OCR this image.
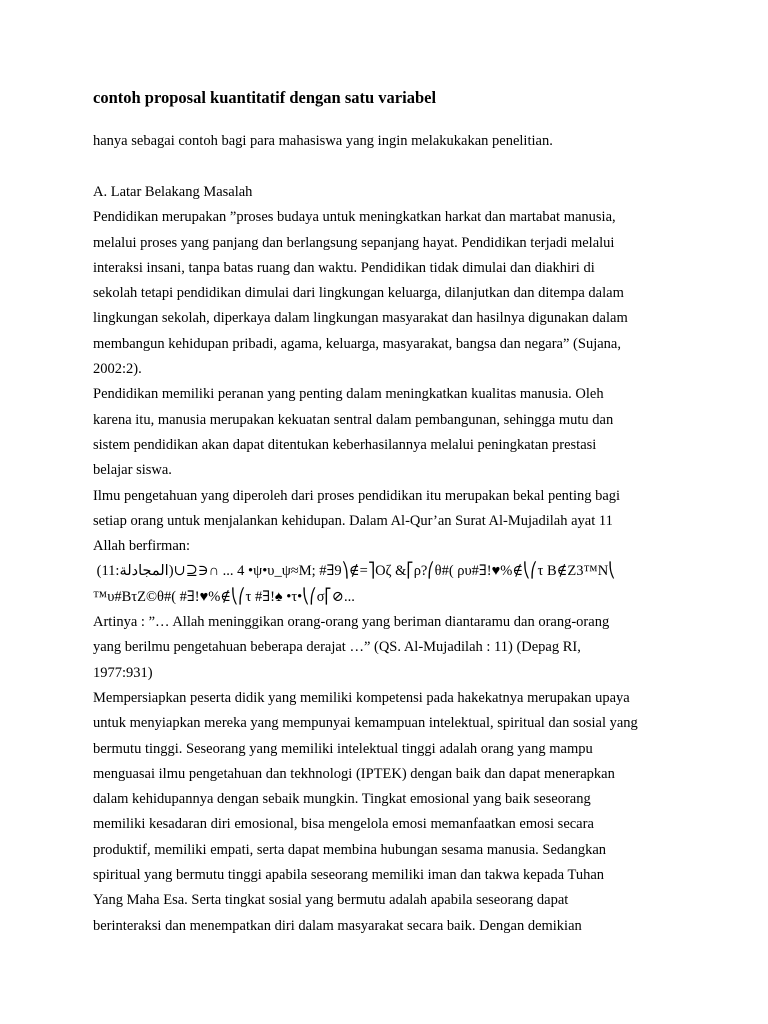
contoh proposal kuantitatif dengan satu variabel

hanya sebagai contoh bagi para mahasiswa yang ingin melakukakan penelitian.

A. Latar Belakang Masalah
Pendidikan merupakan ”proses budaya untuk meningkatkan harkat dan martabat manusia,
melalui proses yang panjang dan berlangsung sepanjang hayat. Pendidikan terjadi melalui
interaksi insani, tanpa batas ruang dan waktu. Pendidikan tidak dimulai dan diakhiri di
sekolah tetapi pendidikan dimulai dari lingkungan keluarga, dilanjutkan dan ditempa dalam
lingkungan sekolah, diperkaya dalam lingkungan masyarakat dan hasilnya digunakan dalam
membangun kehidupan pribadi, agama, keluarga, masyarakat, bangsa dan negara” (Sujana,
2002:2).
Pendidikan memiliki peranan yang penting dalam meningkatkan kualitas manusia. Oleh
karena itu, manusia merupakan kekuatan sentral dalam pembangunan, sehingga mutu dan
sistem pendidikan akan dapat ditentukan keberhasilannya melalui peningkatan prestasi
belajar siswa.
Ilmu pengetahuan yang diperoleh dari proses pendidikan itu merupakan bekal penting bagi
setiap orang untuk menjalankan kehidupan. Dalam Al-Qur’an Surat Al-Mujadilah ayat 11
Allah berfirman:
‪ (11:المجادلة‬)∪⊇∋∩ ... 4 •ψ•υ_ψ≈M; #∃9⎞∉=⎤Oζ &⎡ρ?⎛θ#( ρυ#∃!♥%∉⎝⎛τ B∉Z3™N⎝
™υ#BτZ©θ#( #∃!♥%∉⎝⎛τ #∃!♠ •τ•⎝⎛σ⎡⊘...
Artinya : ”… Allah meninggikan orang-orang yang beriman diantaramu dan orang-orang
yang berilmu pengetahuan beberapa derajat …” (QS. Al-Mujadilah : 11) (Depag RI,
1977:931)
Mempersiapkan peserta didik yang memiliki kompetensi pada hakekatnya merupakan upaya
untuk menyiapkan mereka yang mempunyai kemampuan intelektual, spiritual dan sosial yang
bermutu tinggi. Seseorang yang memiliki intelektual tinggi adalah orang yang mampu
menguasai ilmu pengetahuan dan tekhnologi (IPTEK) dengan baik dan dapat menerapkan
dalam kehidupannya dengan sebaik mungkin. Tingkat emosional yang baik seseorang
memiliki kesadaran diri emosional, bisa mengelola emosi memanfaatkan emosi secara
produktif, memiliki empati, serta dapat membina hubungan sesama manusia. Sedangkan
spiritual yang bermutu tinggi apabila seseorang memiliki iman dan takwa kepada Tuhan
Yang Maha Esa. Serta tingkat sosial yang bermutu adalah apabila seseorang dapat
berinteraksi dan menempatkan diri dalam masyarakat secara baik. Dengan demikian
